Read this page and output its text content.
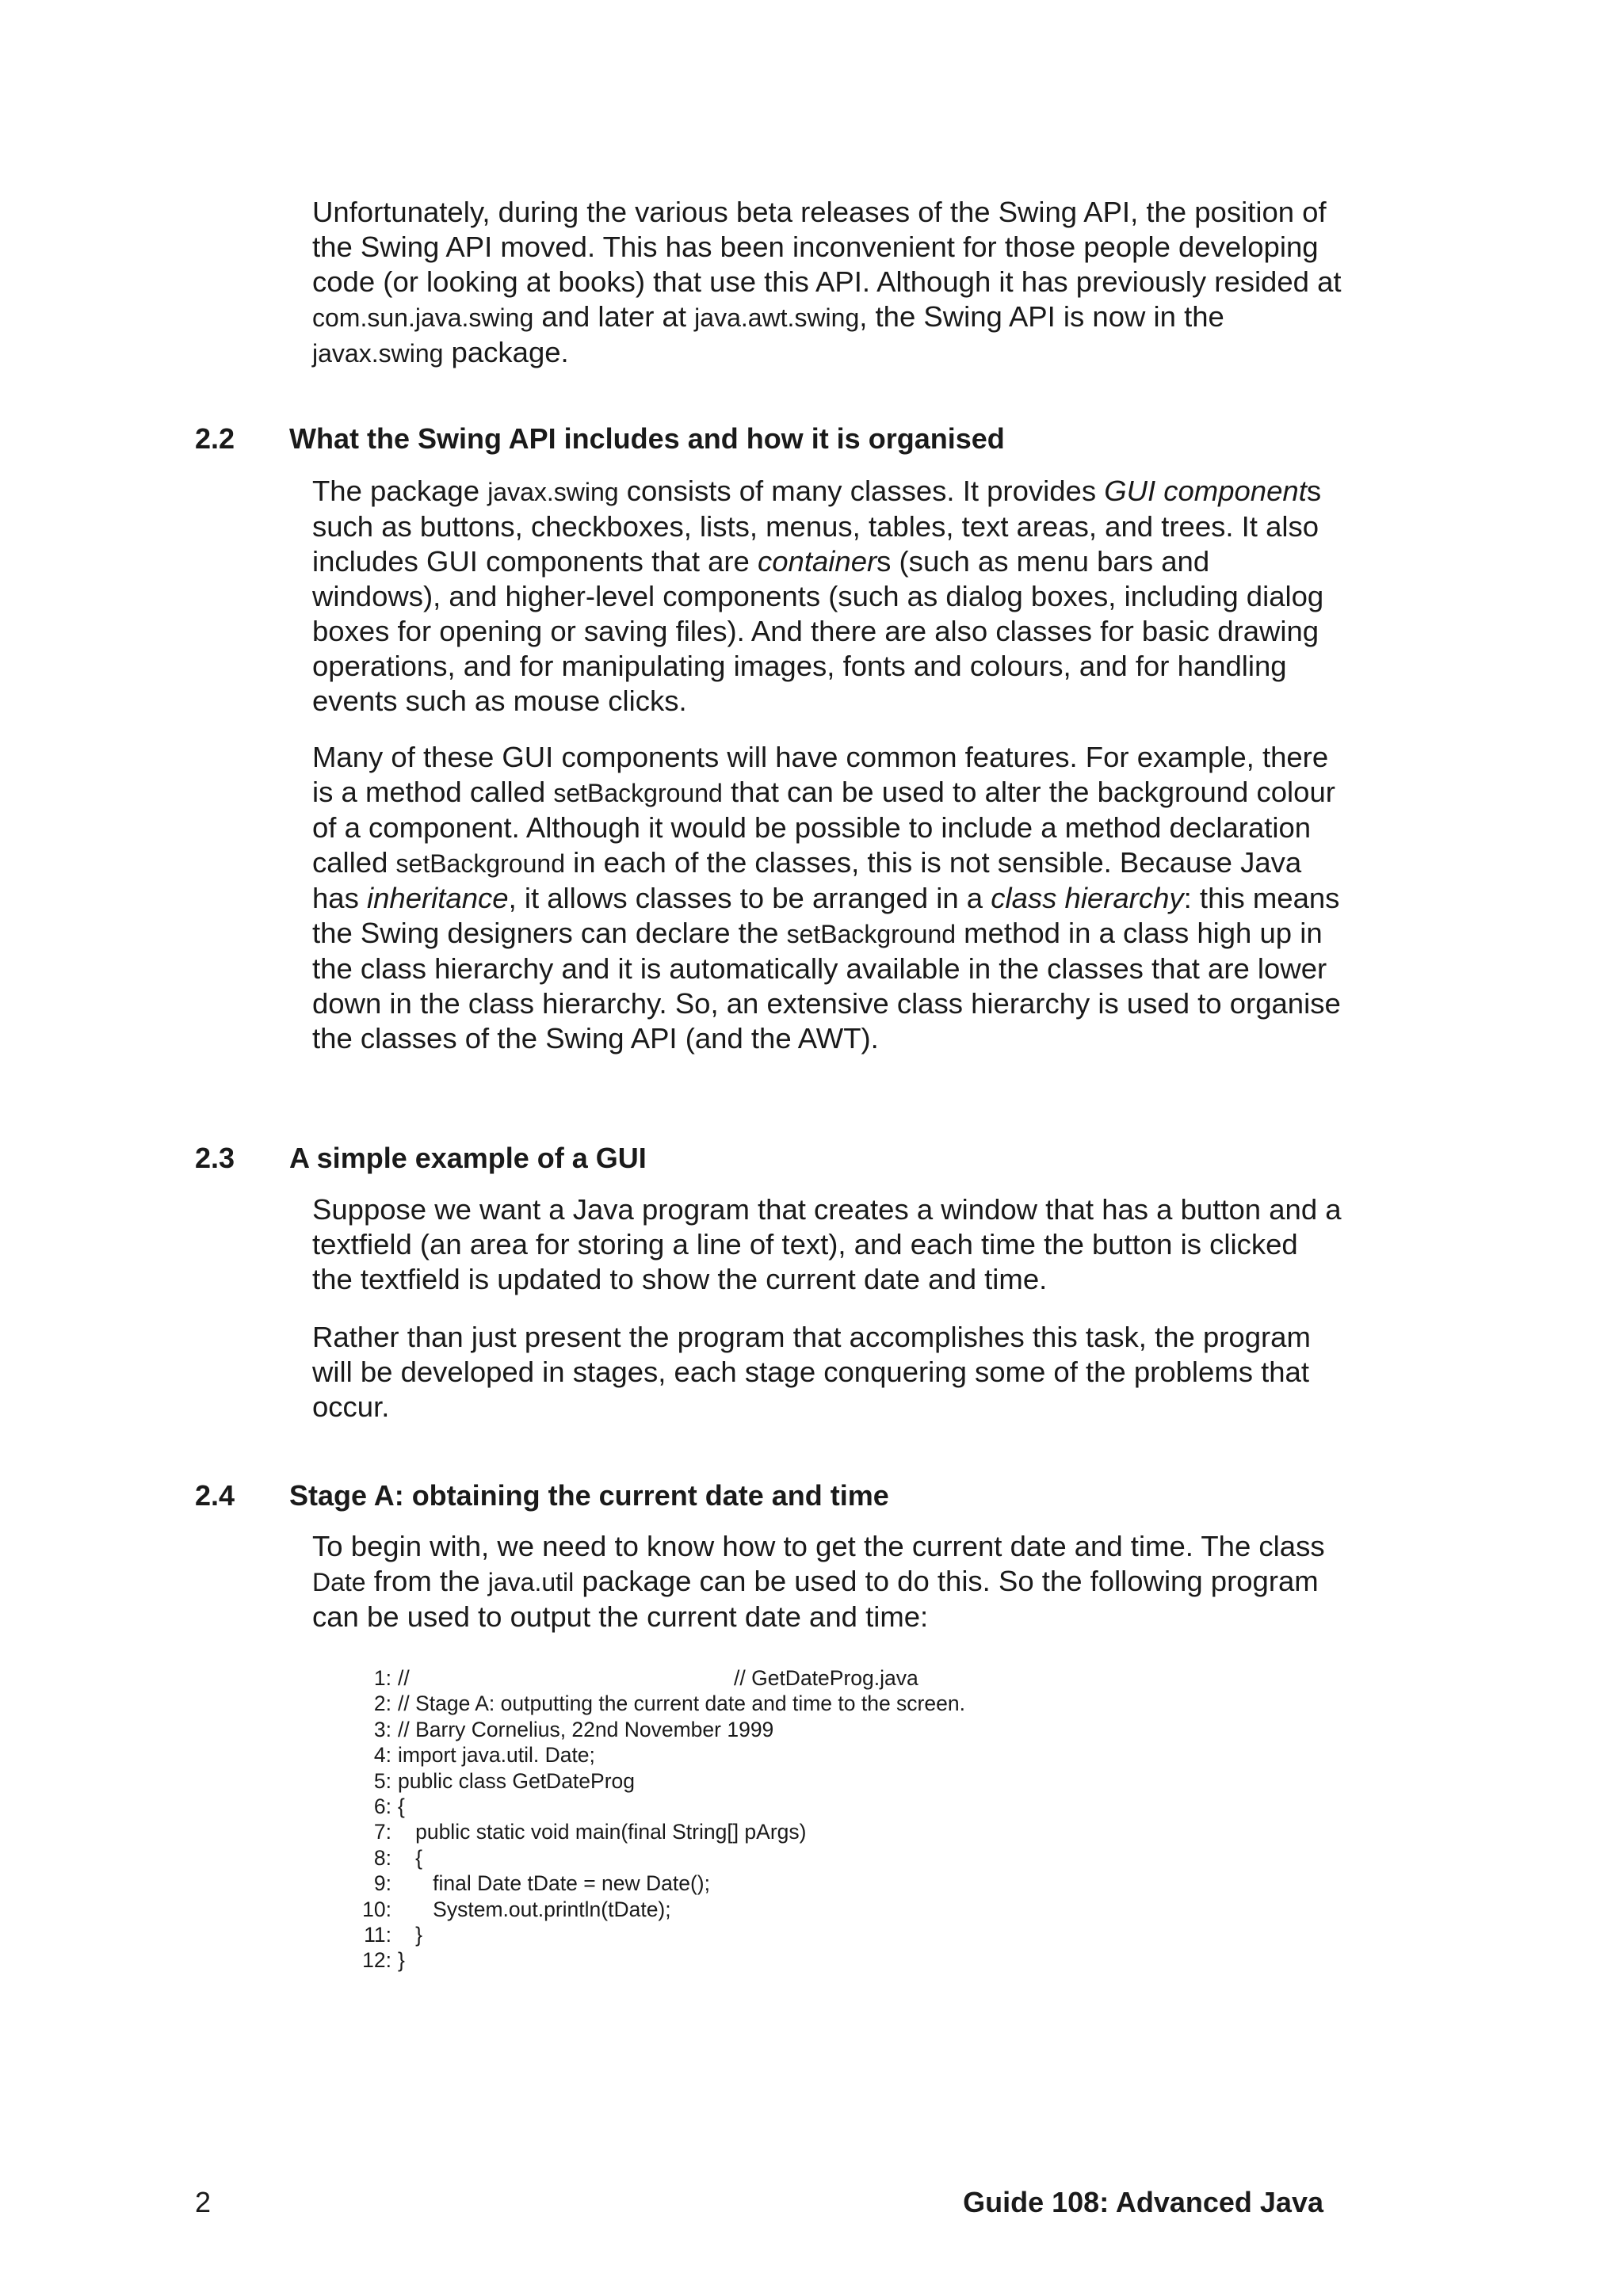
Unfortunately, during the various beta releases of the Swing API, the position of the Swing API moved. This has been inconvenient for those people developing code (or looking at books) that use this API. Although it has previously resided at com.sun.java.swing and later at java.awt.swing, the Swing API is now in the javax.swing package.

2.2 What the Swing API includes and how it is organised

The package javax.swing consists of many classes. It provides GUI components such as buttons, checkboxes, lists, menus, tables, text areas, and trees. It also includes GUI components that are containers (such as menu bars and windows), and higher-level components (such as dialog boxes, including dialog boxes for opening or saving files). And there are also classes for basic drawing operations, and for manipulating images, fonts and colours, and for handling events such as mouse clicks.

Many of these GUI components will have common features. For example, there is a method called setBackground that can be used to alter the background colour of a component. Although it would be possible to include a method declaration called setBackground in each of the classes, this is not sensible. Because Java has inheritance, it allows classes to be arranged in a class hierarchy: this means the Swing designers can declare the setBackground method in a class high up in the class hierarchy and it is automatically available in the classes that are lower down in the class hierarchy. So, an extensive class hierarchy is used to organise the classes of the Swing API (and the AWT).

2.3 A simple example of a GUI

Suppose we want a Java program that creates a window that has a button and a textfield (an area for storing a line of text), and each time the button is clicked the textfield is updated to show the current date and time.

Rather than just present the program that accomplishes this task, the program will be developed in stages, each stage conquering some of the problems that occur.

2.4 Stage A: obtaining the current date and time

To begin with, we need to know how to get the current date and time. The class Date from the java.util package can be used to do this. So the following program can be used to output the current date and time:

1: //	// GetDateProg.java
2: // Stage A: outputting the current date and time to the screen.
3: // Barry Cornelius, 22nd November 1999
4: import java.util. Date;
5: public class GetDateProg
6: {
7:   public static void main(final String[] pArgs)
8:   {
9:      final Date tDate = new Date();
10:      System.out.println(tDate);
11:   }
12: }

2	Guide 108: Advanced Java
